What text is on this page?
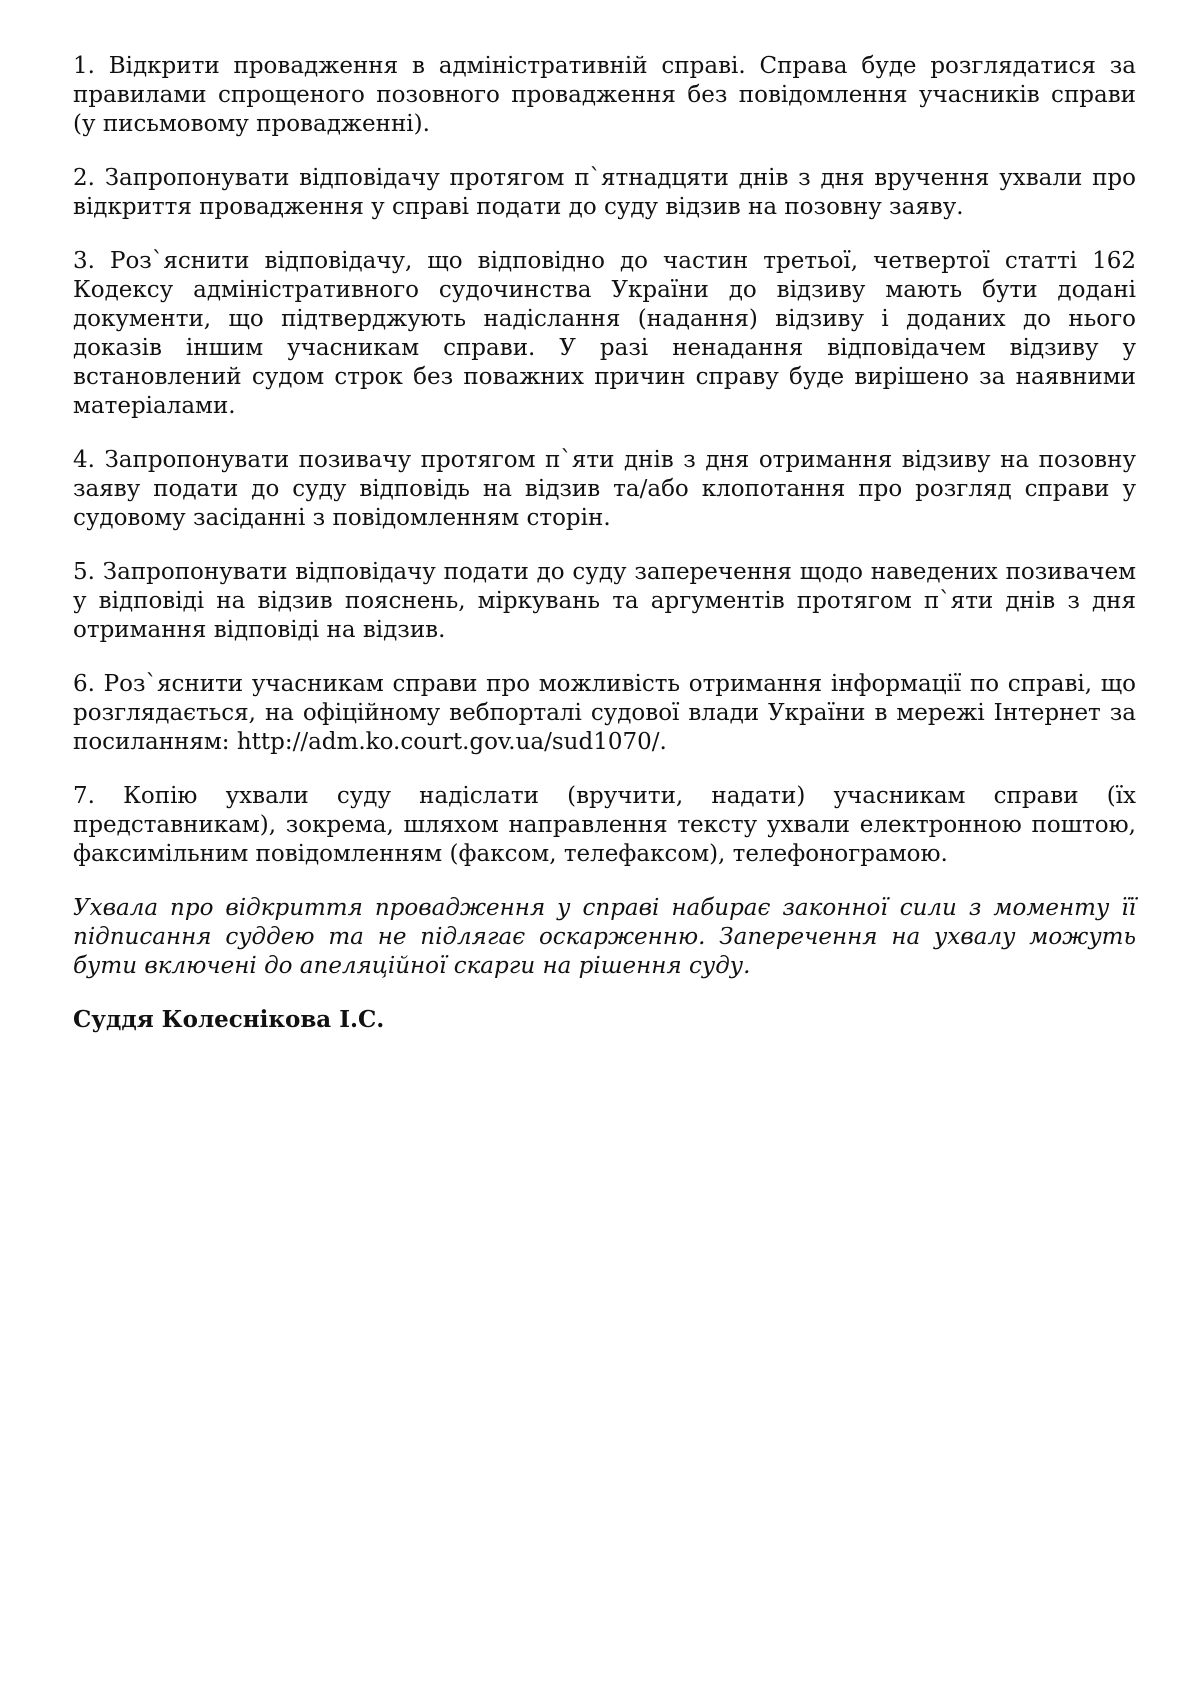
1. Відкрити провадження в адміністративній справі. Справа буде розглядатися за правилами спрощеного позовного провадження без повідомлення учасників справи (у письмовому провадженні).

2. Запропонувати відповідачу протягом п`ятнадцяти днів з дня вручення ухвали про відкриття провадження у справі подати до суду відзив на позовну заяву.

3. Роз`яснити відповідачу, що відповідно до частин третьої, четвертої статті 162 Кодексу адміністративного судочинства України до відзиву мають бути додані документи, що підтверджують надіслання (надання) відзиву і доданих до нього доказів іншим учасникам справи. У разі ненадання відповідачем відзиву у встановлений судом строк без поважних причин справу буде вирішено за наявними матеріалами.

4. Запропонувати позивачу протягом п`яти днів з дня отримання відзиву на позовну заяву подати до суду відповідь на відзив та/або клопотання про розгляд справи у судовому засіданні з повідомленням сторін.

5. Запропонувати відповідачу подати до суду заперечення щодо наведених позивачем у відповіді на відзив пояснень, міркувань та аргументів протягом п`яти днів з дня отримання відповіді на відзив.

6. Роз`яснити учасникам справи про можливість отримання інформації по справі, що розглядається, на офіційному вебпорталі судової влади України в мережі Інтернет за посиланням: http://adm.ko.court.gov.ua/sud1070/.

7. Копію ухвали суду надіслати (вручити, надати) учасникам справи (їх представникам), зокрема, шляхом направлення тексту ухвали електронною поштою, факсимільним повідомленням (факсом, телефаксом), телефонограмою.

Ухвала про відкриття провадження у справі набирає законної сили з моменту її підписання суддею та не підлягає оскарженню. Заперечення на ухвалу можуть бути включені до апеляційної скарги на рішення суду.

Суддя Колеснікова І.С.
